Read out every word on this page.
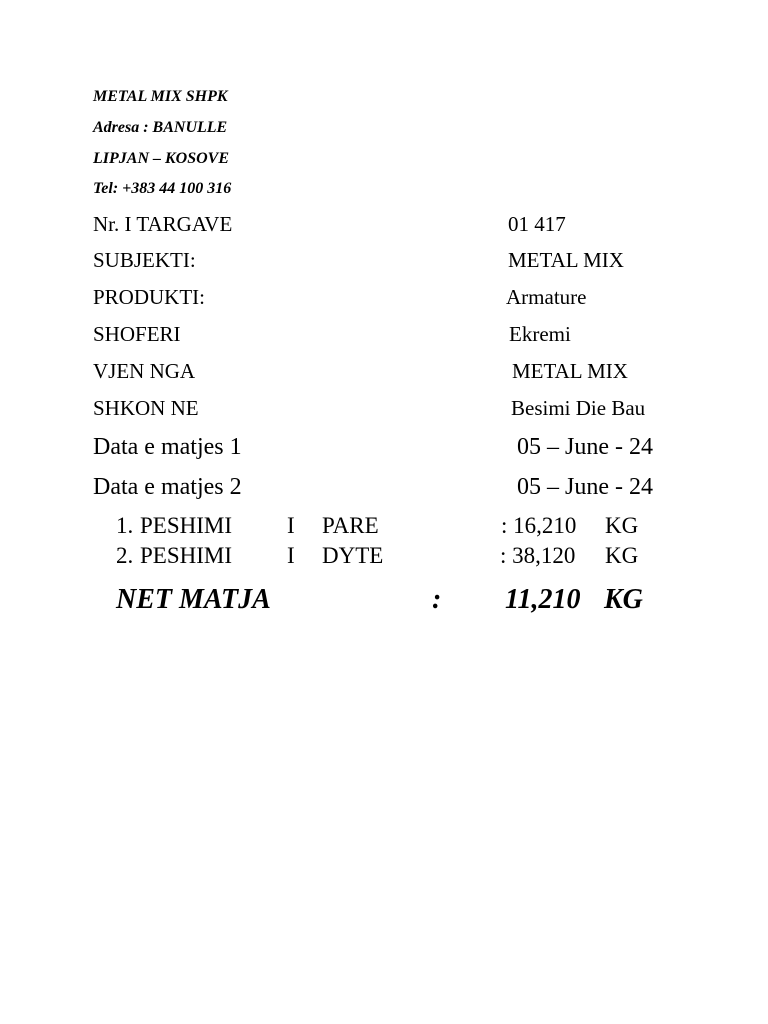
METAL MIX SHPK
Adresa : BANULLE
LIPJAN – KOSOVE
Tel: +383 44 100 316
Nr. I TARGAVE	01 417
SUBJEKTI:	METAL MIX
PRODUKTI:	Armature
SHOFERI	Ekremi
VJEN NGA	METAL MIX
SHKON NE	Besimi Die Bau
Data e matjes 1	05 – June - 24
Data e matjes 2	05 – June - 24
1. PESHIMI I PARE	: 16,210 KG
2. PESHIMI I DYTE	: 38,120 KG
NET MATJA	: 11,210 KG
